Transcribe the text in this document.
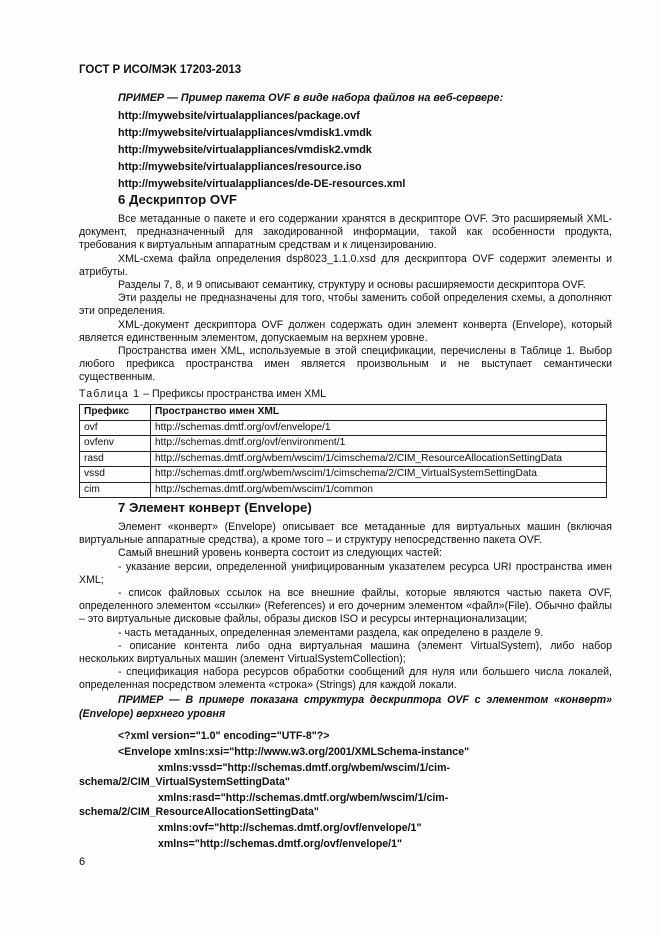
ГОСТ Р ИСО/МЭК 17203-2013
ПРИМЕР — Пример пакета OVF в виде набора файлов на веб-сервере:
http://mywebsite/virtualappliances/package.ovf
http://mywebsite/virtualappliances/vmdisk1.vmdk
http://mywebsite/virtualappliances/vmdisk2.vmdk
http://mywebsite/virtualappliances/resource.iso
http://mywebsite/virtualappliances/de-DE-resources.xml
6 Дескриптор OVF

Все метаданные о пакете и его содержании хранятся в дескрипторе OVF. Это расширяемый XML-документ, предназначенный для закодированной информации, такой как особенности продукта, требования к виртуальным аппаратным средствам и к лицензированию.

XML-схема файла определения dsp8023_1.1.0.xsd для дескриптора OVF содержит элементы и атрибуты.

Разделы 7, 8, и 9 описывают семантику, структуру и основы расширяемости дескриптора OVF.

Эти разделы не предназначены для того, чтобы заменить собой определения схемы, а дополняют эти определения.

XML-документ дескриптора OVF должен содержать один элемент конверта (Envelope), который является единственным элементом, допускаемым на верхнем уровне.

Пространства имен XML, используемые в этой спецификации, перечислены в Таблице 1. Выбор любого префикса пространства имен является произвольным и не выступает семантически существенным.

Таблица 1 – Префиксы пространства имен XML
Префикс	Пространство имен XML
ovf	http://schemas.dmtf.org/ovf/envelope/1
ovfenv	http://schemas.dmtf.org/ovf/environment/1
rasd	http://schemas.dmtf.org/wbem/wscim/1/cimschema/2/CIM_ResourceAllocationSettingData
vssd	http://schemas.dmtf.org/wbem/wscim/1/cimschema/2/CIM_VirtualSystemSettingData
cim	http://schemas.dmtf.org/wbem/wscim/1/common
7 Элемент конверт (Envelope)

Элемент «конверт» (Envelope) описывает все метаданные для виртуальных машин (включая виртуальные аппаратные средства), а кроме того – и структуру непосредственно пакета OVF.

Самый внешний уровень конверта состоит из следующих частей:

- указание версии, определенной унифицированным указателем ресурса URI пространства имен XML;

- список файловых ссылок на все внешние файлы, которые являются частью пакета OVF, определенного элементом «ссылки» (References) и его дочерним элементом «файл»(File). Обычно файлы – это виртуальные дисковые файлы, образы дисков ISO и ресурсы интернационализации;

- часть метаданных, определенная элементами раздела, как определено в разделе 9.

- описание контента либо одна виртуальная машина (элемент VirtualSystem), либо набор нескольких виртуальных машин (элемент VirtualSystemCollection);

- спецификация набора ресурсов обработки сообщений для нуля или большего числа локалей, определенная посредством элемента «строка» (Strings) для каждой локали.

ПРИМЕР — В примере показана структура дескриптора OVF с элементом «конверт» (Envelope) верхнего уровня
<?xml version="1.0" encoding="UTF-8"?>
<Envelope xmlns:xsi="http://www.w3.org/2001/XMLSchema-instance"
xmlns:vssd="http://schemas.dmtf.org/wbem/wscim/1/cim-
schema/2/CIM_VirtualSystemSettingData"
xmlns:rasd="http://schemas.dmtf.org/wbem/wscim/1/cim-
schema/2/CIM_ResourceAllocationSettingData"
xmlns:ovf="http://schemas.dmtf.org/ovf/envelope/1"
xmlns="http://schemas.dmtf.org/ovf/envelope/1"
6
